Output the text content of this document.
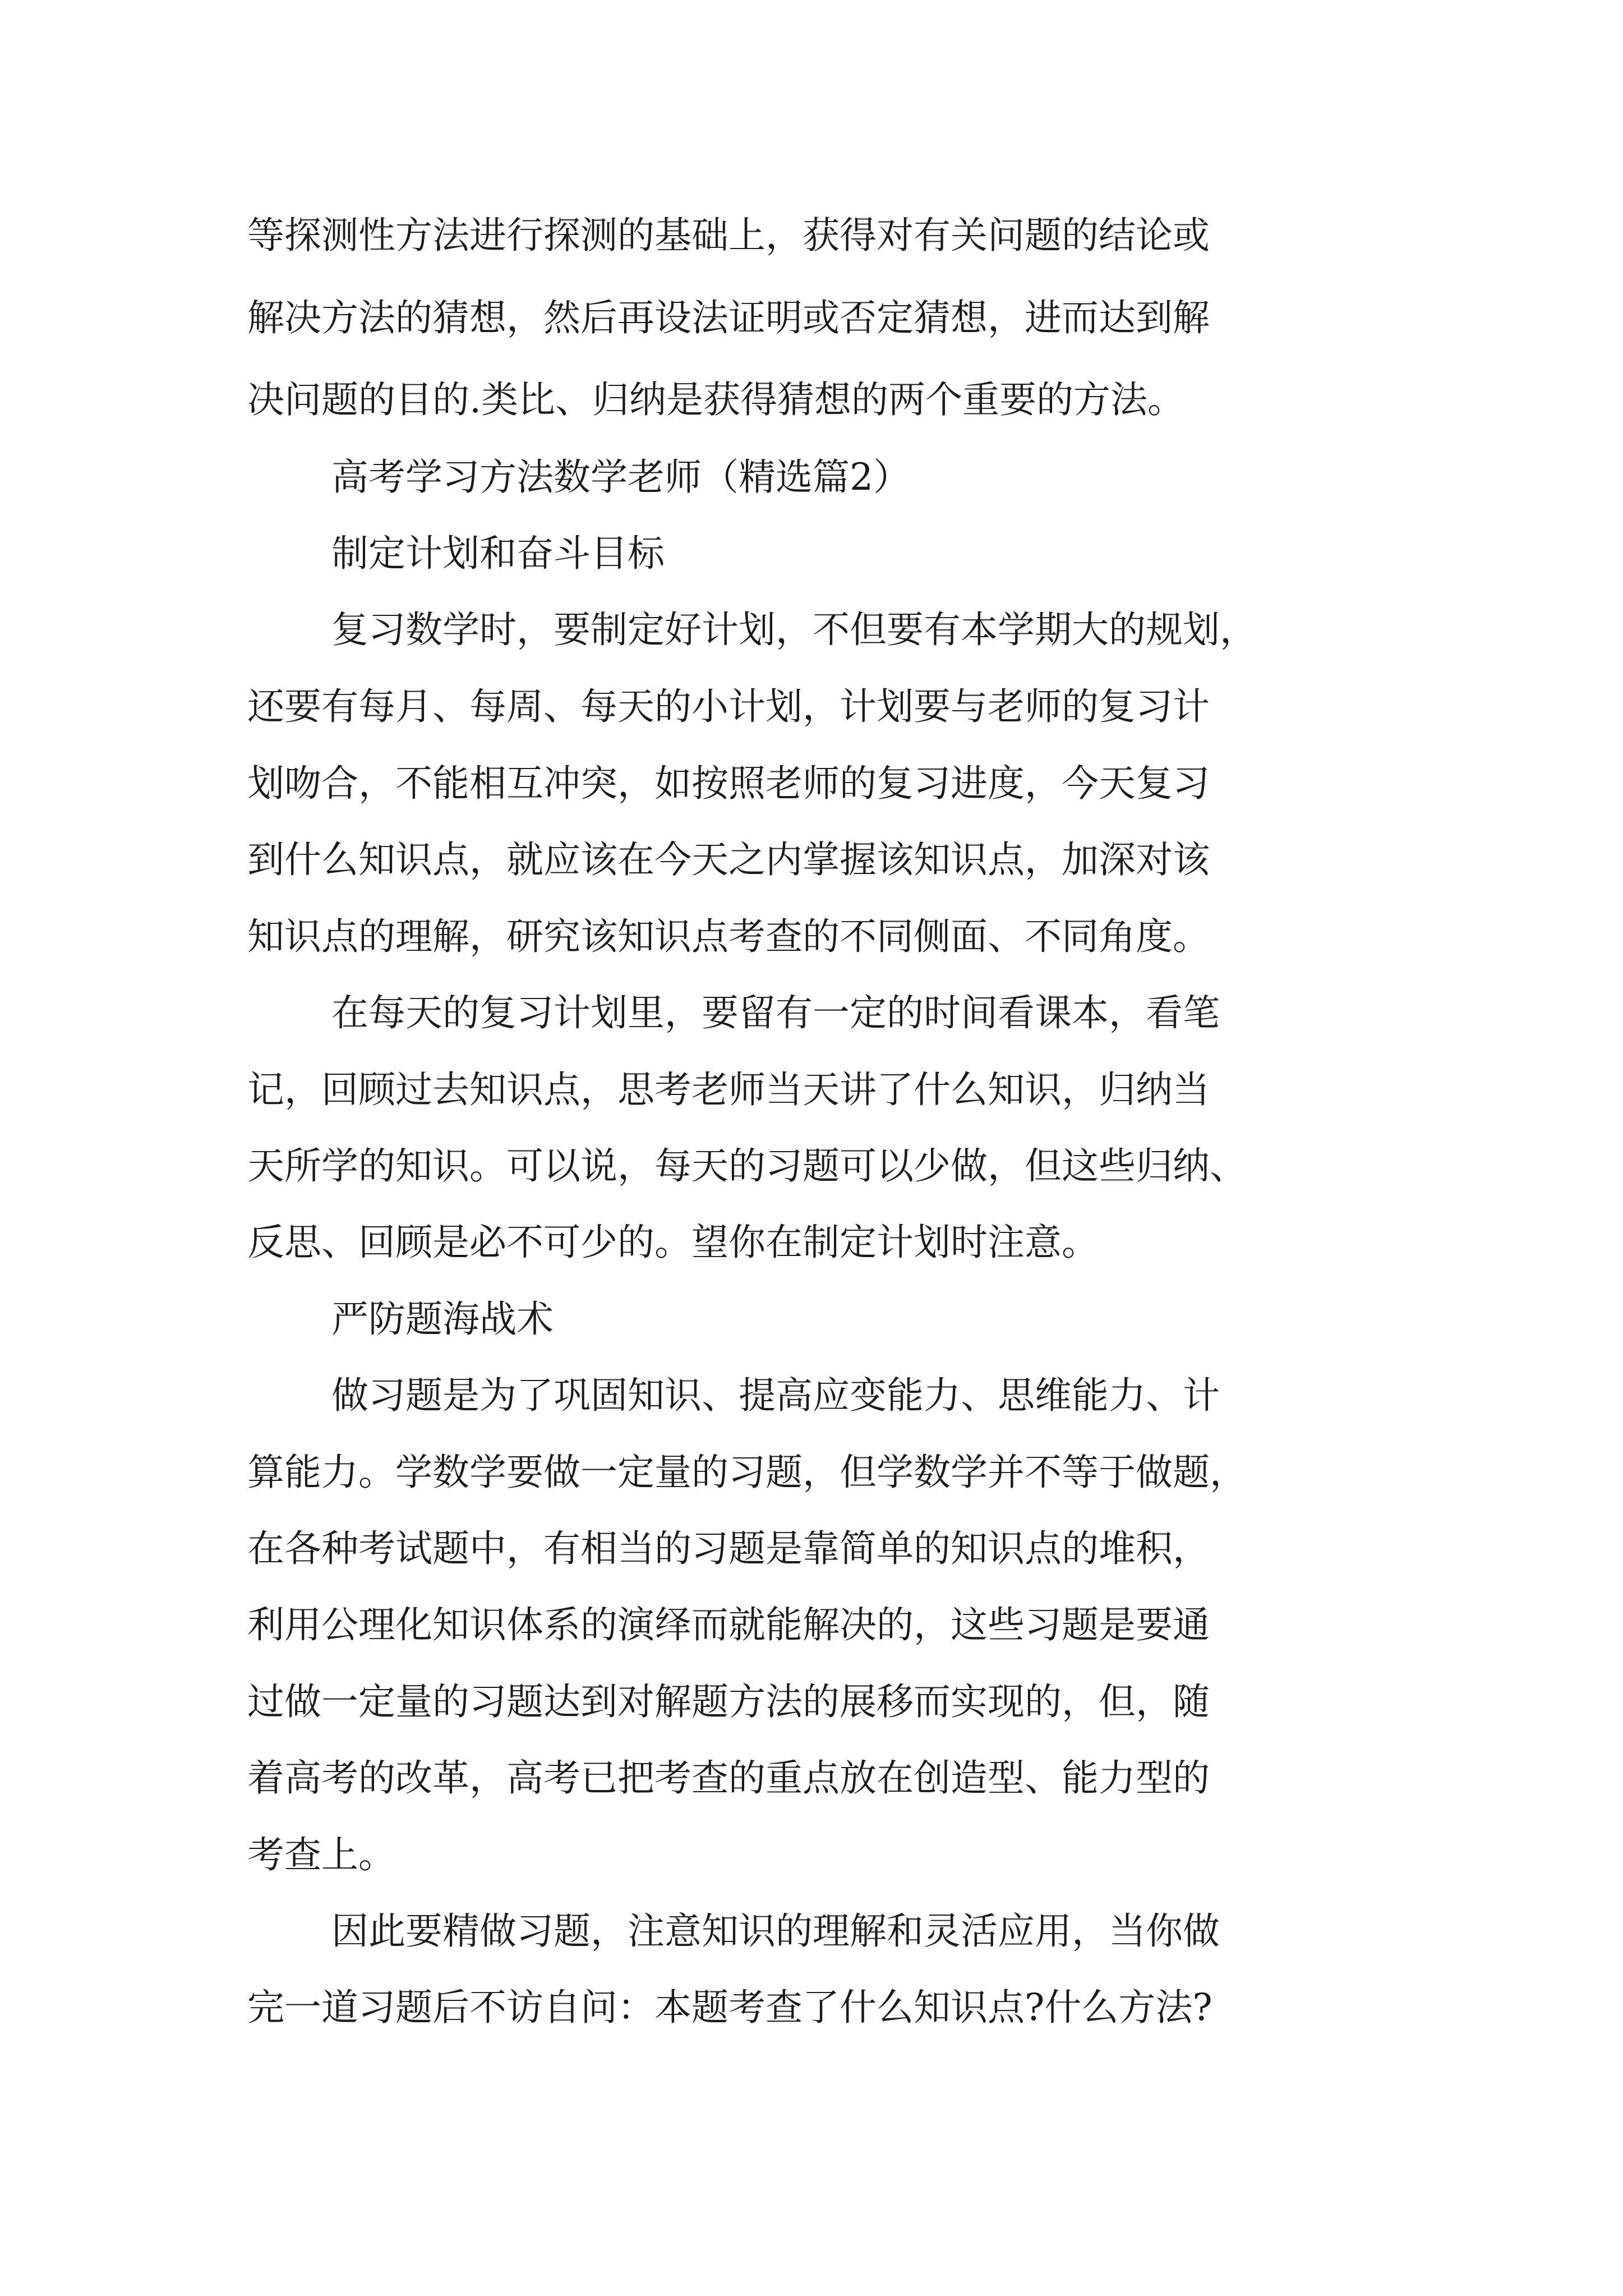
等探测性方法进行探测的基础上，获得对有关问题的结论或

解决方法的猜想，然后再设法证明或否定猜想，进而达到解

决问题的目的.类比、归纳是获得猜想的两个重要的方法。

高考学习方法数学老师（精选篇2）

制定计划和奋斗目标

复习数学时，要制定好计划，不但要有本学期大的规划，

还要有每月、每周、每天的小计划，计划要与老师的复习计

划吻合，不能相互冲突，如按照老师的复习进度，今天复习

到什么知识点，就应该在今天之内掌握该知识点，加深对该

知识点的理解，研究该知识点考查的不同侧面、不同角度。

在每天的复习计划里，要留有一定的时间看课本，看笔

记，回顾过去知识点，思考老师当天讲了什么知识，归纳当

天所学的知识。可以说，每天的习题可以少做，但这些归纳、

反思、回顾是必不可少的。望你在制定计划时注意。

严防题海战术

做习题是为了巩固知识、提高应变能力、思维能力、计

算能力。学数学要做一定量的习题，但学数学并不等于做题，

在各种考试题中，有相当的习题是靠简单的知识点的堆积，

利用公理化知识体系的演绎而就能解决的，这些习题是要通

过做一定量的习题达到对解题方法的展移而实现的，但，随

着高考的改革，高考已把考查的重点放在创造型、能力型的

考查上。

因此要精做习题，注意知识的理解和灵活应用，当你做

完一道习题后不访自问：本题考查了什么知识点?什么方法?
